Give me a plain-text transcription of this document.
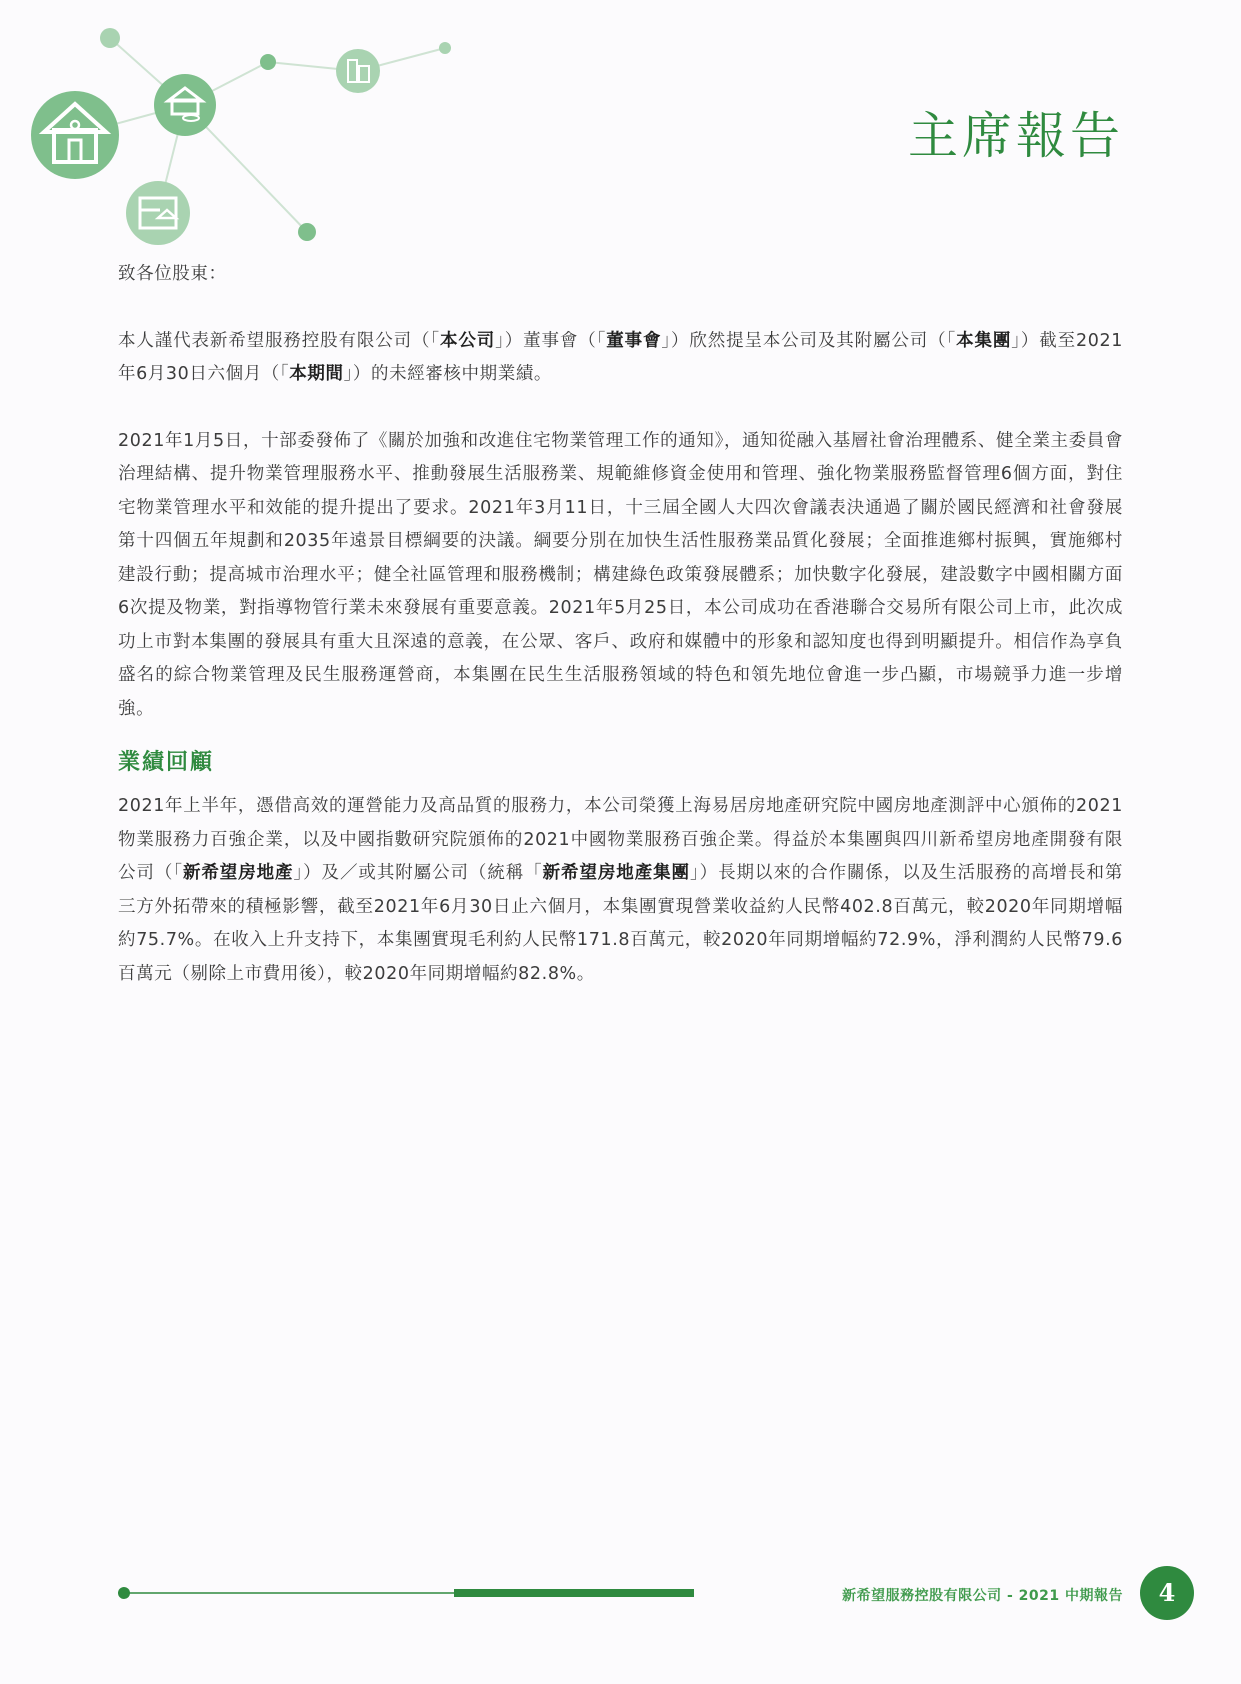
主席報告

致各位股東：

本人謹代表新希望服務控股有限公司（「本公司」）董事會（「董事會」）欣然提呈本公司及其附屬公司（「本集團」）截至2021年6月30日六個月（「本期間」）的未經審核中期業績。

2021年1月5日，十部委發佈了《關於加強和改進住宅物業管理工作的通知》，通知從融入基層社會治理體系、健全業主委員會治理結構、提升物業管理服務水平、推動發展生活服務業、規範維修資金使用和管理、強化物業服務監督管理6個方面，對住宅物業管理水平和效能的提升提出了要求。2021年3月11日，十三屆全國人大四次會議表決通過了關於國民經濟和社會發展第十四個五年規劃和2035年遠景目標綱要的決議。綱要分別在加快生活性服務業品質化發展；全面推進鄉村振興，實施鄉村建設行動；提高城市治理水平；健全社區管理和服務機制；構建綠色政策發展體系；加快數字化發展，建設數字中國相關方面6次提及物業，對指導物管行業未來發展有重要意義。2021年5月25日，本公司成功在香港聯合交易所有限公司上市，此次成功上市對本集團的發展具有重大且深遠的意義，在公眾、客戶、政府和媒體中的形象和認知度也得到明顯提升。相信作為享負盛名的綜合物業管理及民生服務運營商，本集團在民生生活服務領域的特色和領先地位會進一步凸顯，市場競爭力進一步增強。

業績回顧

2021年上半年，憑借高效的運營能力及高品質的服務力，本公司榮獲上海易居房地產研究院中國房地產測評中心頒佈的2021物業服務力百強企業，以及中國指數研究院頒佈的2021中國物業服務百強企業。得益於本集團與四川新希望房地產開發有限公司（「新希望房地產」）及／或其附屬公司（統稱「新希望房地產集團」）長期以來的合作關係，以及生活服務的高增長和第三方外拓帶來的積極影響，截至2021年6月30日止六個月，本集團實現營業收益約人民幣402.8百萬元，較2020年同期增幅約75.7%。在收入上升支持下，本集團實現毛利約人民幣171.8百萬元，較2020年同期增幅約72.9%，淨利潤約人民幣79.6百萬元（剔除上市費用後），較2020年同期增幅約82.8%。

新希望服務控股有限公司 - 2021 中期報告	4
